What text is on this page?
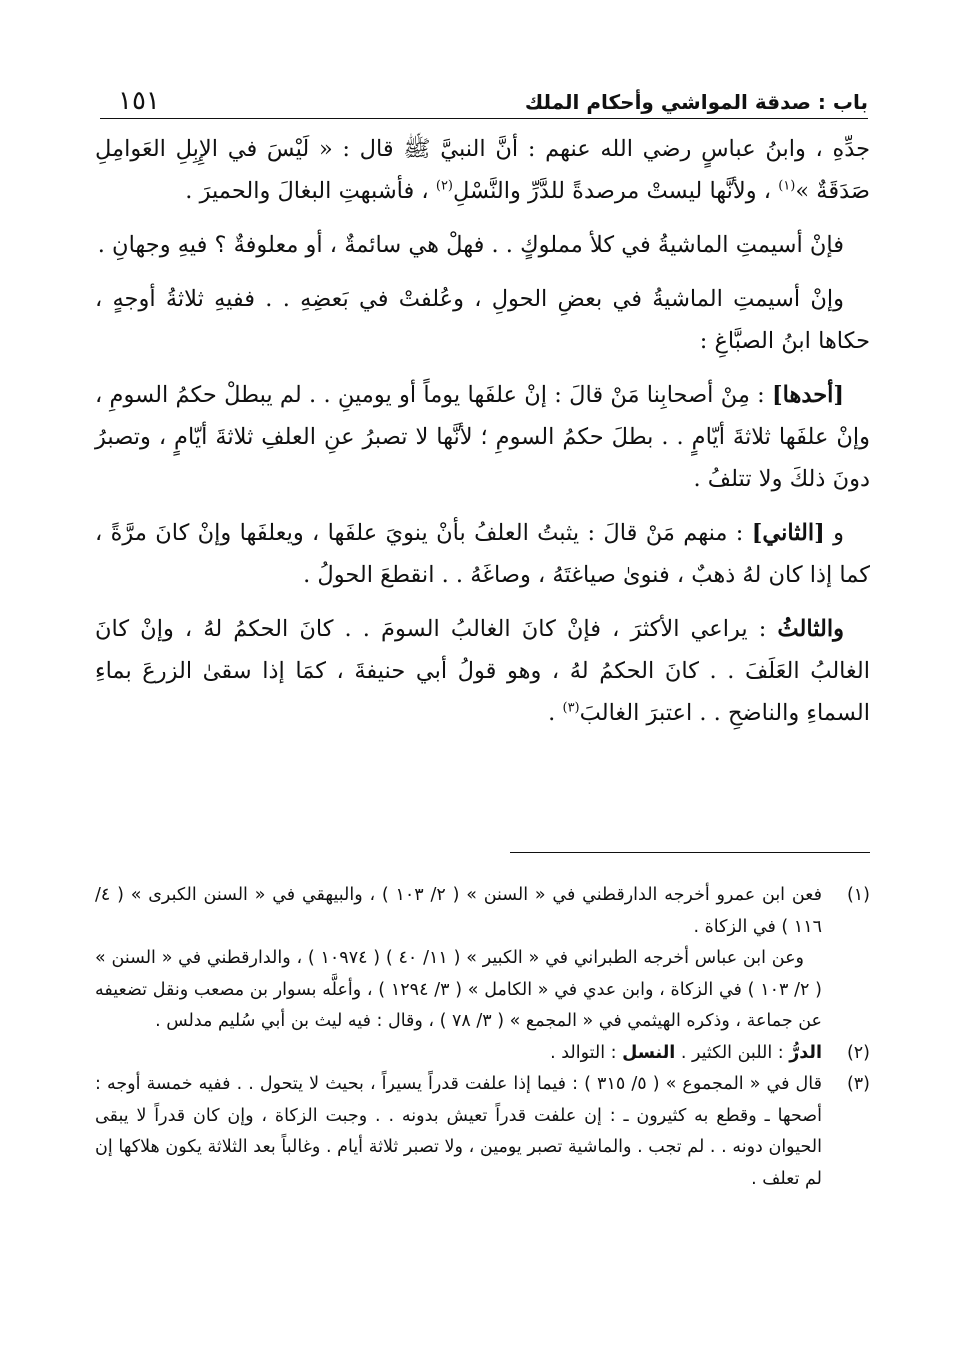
١٥١	باب : صدقة المواشي وأحكام الملك

جدِّهِ ، وابنُ عباسٍ رضي الله عنهم : أنَّ النبيَّ ﷺ قال : « لَيْسَ في الإِبِلِ العَوامِلِ صَدَقَةٌ »$^{(١)}$ ، ولأنَّها ليستْ مرصدةً للدَّرِّ والنَّسْلِ$^{(٢)}$ ، فأشبهتِ البغالَ والحميرَ .

فإنْ أسيمتِ الماشيةُ في كلأ مملوكٍ . . فهلْ هي سائمةٌ ، أو معلوفةٌ ؟ فيهِ وجهانِ .

وإنْ أسيمتِ الماشيةُ في بعضِ الحولِ ، وعُلفتْ في بَعضِهِ . . ففيهِ ثلاثةُ أوجهٍ ، حكاها ابنُ الصبَّاغِ :

[أحدها] : مِنْ أصحابِنا مَنْ قالَ : إنْ علفَها يوماً أو يومينِ . . لم يبطلْ حكمُ السومِ ، وإنْ علفَها ثلاثةَ أيّامٍ . . بطلَ حكمُ السومِ ؛ لأنَّها لا تصبرُ عنِ العلفِ ثلاثةَ أيّامٍ ، وتصبرُ دونَ ذلكَ ولا تتلفُ .

و [الثاني] : منهم مَنْ قالَ : يثبتُ العلفُ بأنْ ينويَ علفَها ، ويعلفَها وإنْ كانَ مرَّةً ، كما إذا كان لهُ ذهبٌ ، فنوىٰ صياغتَهُ ، وصاغَهُ . . انقطعَ الحولُ .

والثالثُ : يراعي الأكثرَ ، فإنْ كانَ الغالبُ السومَ . . كانَ الحكمُ لهُ ، وإنْ كانَ الغالبُ العَلَفَ . . كانَ الحكمُ لهُ ، وهو قولُ أبي حنيفةَ ، كمَا إذا سقىٰ الزرعَ بماءِ السماءِ والناضحِ . . اعتبرَ الغالبَ$^{(٣)}$ .

(١)
فعن ابن عمرو أخرجه الدارقطني في « السنن » ( ٢/ ١٠٣ ) ، والبيهقي في « السنن الكبرى » ( ٤/ ١١٦ ) في الزكاة .
وعن ابن عباس أخرجه الطبراني في « الكبير » ( ١١/ ٤٠ ) ( ١٠٩٧٤ ) ، والدارقطني في « السنن » ( ٢/ ١٠٣ ) في الزكاة ، وابن عدي في « الكامل » ( ٣/ ١٢٩٤ ) ، وأعلَّه بسوار بن مصعب ونقل تضعيفه عن جماعة ، وذكره الهيثمي في « المجمع » ( ٣/ ٧٨ ) ، وقال : فيه ليث بن أبي سُليم مدلس .
(٢)
الدرُّ : اللبن الكثير . النسل : التوالد .
(٣)
قال في « المجموع » ( ٥/ ٣١٥ ) : فيما إذا علفت قدراً يسيراً ، بحيث لا يتحول . . ففيه خمسة أوجه : أصحها ـ وقطع به كثيرون ـ : إن علفت قدراً تعيش بدونه . . وجبت الزكاة ، وإن كان قدراً لا يبقى الحيوان دونه . . لم تجب . والماشية تصبر يومين ، ولا تصبر ثلاثة أيام . وغالباً بعد الثلاثة يكون هلاكها إن لم تعلف .
